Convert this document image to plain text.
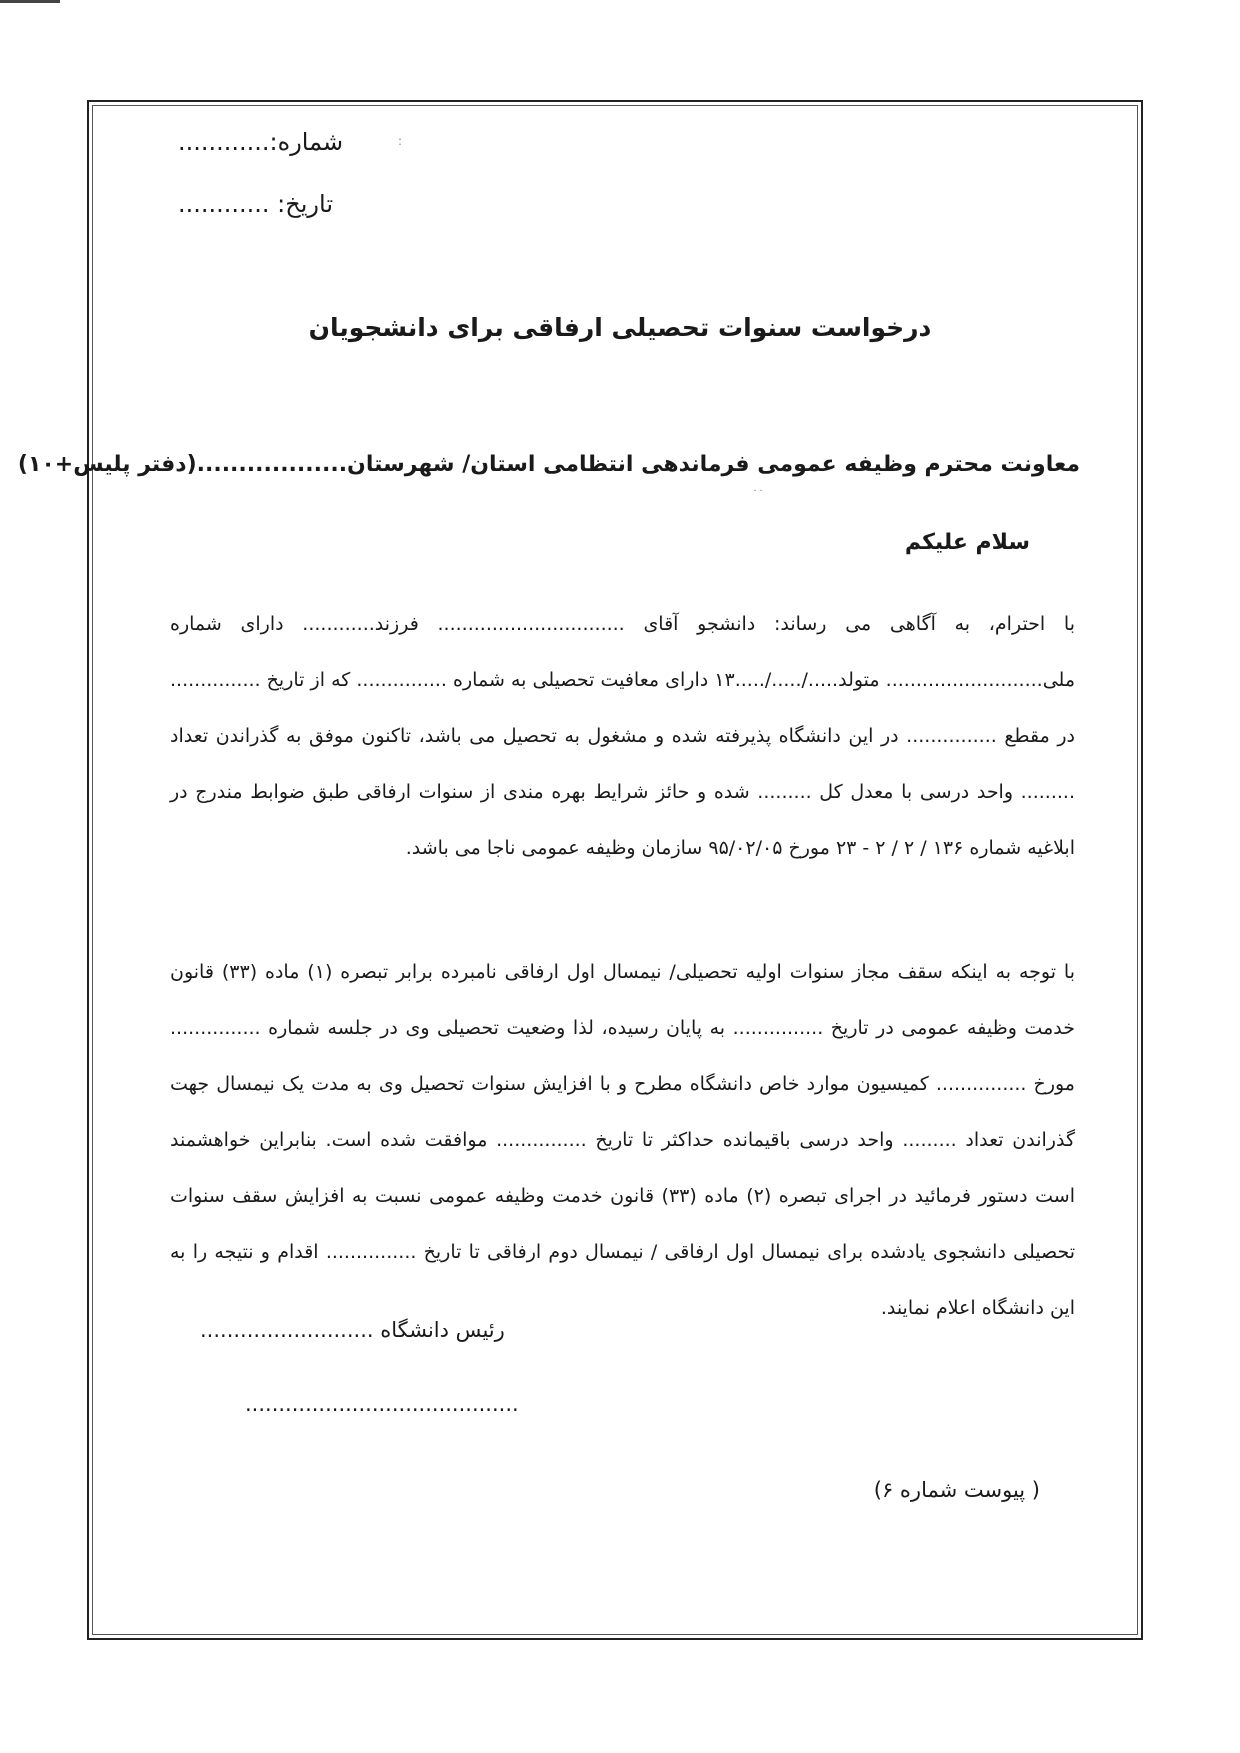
شماره:............
تاریخ: ............
درخواست سنوات تحصیلی ارفاقی برای دانشجویان
معاونت محترم وظیفه عمومی فرماندهی انتظامی استان/ شهرستان..................(دفتر پلیس+۱۰)
˙˙
:
سلام علیکم

با احترام، به آگاهی می رساند: دانشجو آقای ............................... فرزند............ دارای شماره ملی.......................... متولد...../...../.....۱۳ دارای معافیت تحصیلی به شماره ............... که از تاریخ ............... در مقطع ............... در این دانشگاه پذیرفته شده و مشغول به تحصیل می باشد، تاکنون موفق به گذراندن تعداد ......... واحد درسی با معدل کل ......... شده و حائز شرایط بهره مندی از سنوات ارفاقی طبق ضوابط مندرج در ابلاغیه شماره ۱۳۶ / ۲ / ۲ - ۲۳ مورخ ۹۵/۰۲/۰۵ سازمان وظیفه عمومی ناجا می باشد.

با توجه به اینکه سقف مجاز سنوات اولیه تحصیلی/ نیمسال اول ارفاقی نامبرده برابر تبصره (۱) ماده (۳۳) قانون خدمت وظیفه عمومی در تاریخ ............... به پایان رسیده، لذا وضعیت تحصیلی وی در جلسه شماره ............... مورخ ............... کمیسیون موارد خاص دانشگاه مطرح و با افزایش سنوات تحصیل وی به مدت یک نیمسال جهت گذراندن تعداد ......... واحد درسی باقیمانده حداکثر تا تاریخ ............... موافقت شده است. بنابراین خواهشمند است دستور فرمائید در اجرای تبصره (۲) ماده (۳۳) قانون خدمت وظیفه عمومی نسبت به افزایش سقف سنوات تحصیلی دانشجوی یادشده برای نیمسال اول ارفاقی / نیمسال دوم ارفاقی تا تاریخ ............... اقدام و نتیجه را به این دانشگاه اعلام نمایند.

رئیس دانشگاه ..........................
.........................................
( پیوست شماره ۶)
